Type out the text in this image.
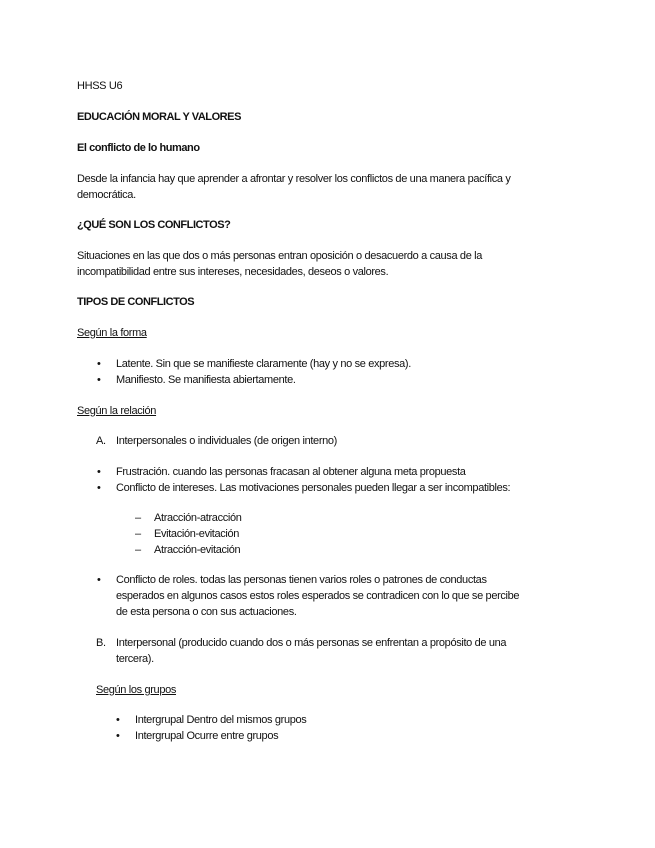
HHSS U6
EDUCACIÓN MORAL Y VALORES
El conflicto de lo humano
Desde la infancia hay que aprender a afrontar y resolver los conflictos de una manera pacífica y
democrática.
¿QUÉ SON LOS CONFLICTOS?
Situaciones en las que dos o más personas entran oposición o desacuerdo a causa de la
incompatibilidad entre sus intereses, necesidades, deseos o valores.
TIPOS DE CONFLICTOS
Según la forma
• Latente. Sin que se manifieste claramente (hay y no se expresa).
• Manifiesto. Se manifiesta abiertamente.
Según la relación
A. Interpersonales o individuales (de origen interno)
• Frustración. cuando las personas fracasan al obtener alguna meta propuesta
• Conflicto de intereses. Las motivaciones personales pueden llegar a ser incompatibles:
– Atracción-atracción
– Evitación-evitación
– Atracción-evitación
• Conflicto de roles. todas las personas tienen varios roles o patrones de conductas
esperados en algunos casos estos roles esperados se contradicen con lo que se percibe
de esta persona o con sus actuaciones.
B. Interpersonal (producido cuando dos o más personas se enfrentan a propósito de una
tercera).
Según los grupos
• Intergrupal Dentro del mismos grupos
• Intergrupal Ocurre entre grupos
